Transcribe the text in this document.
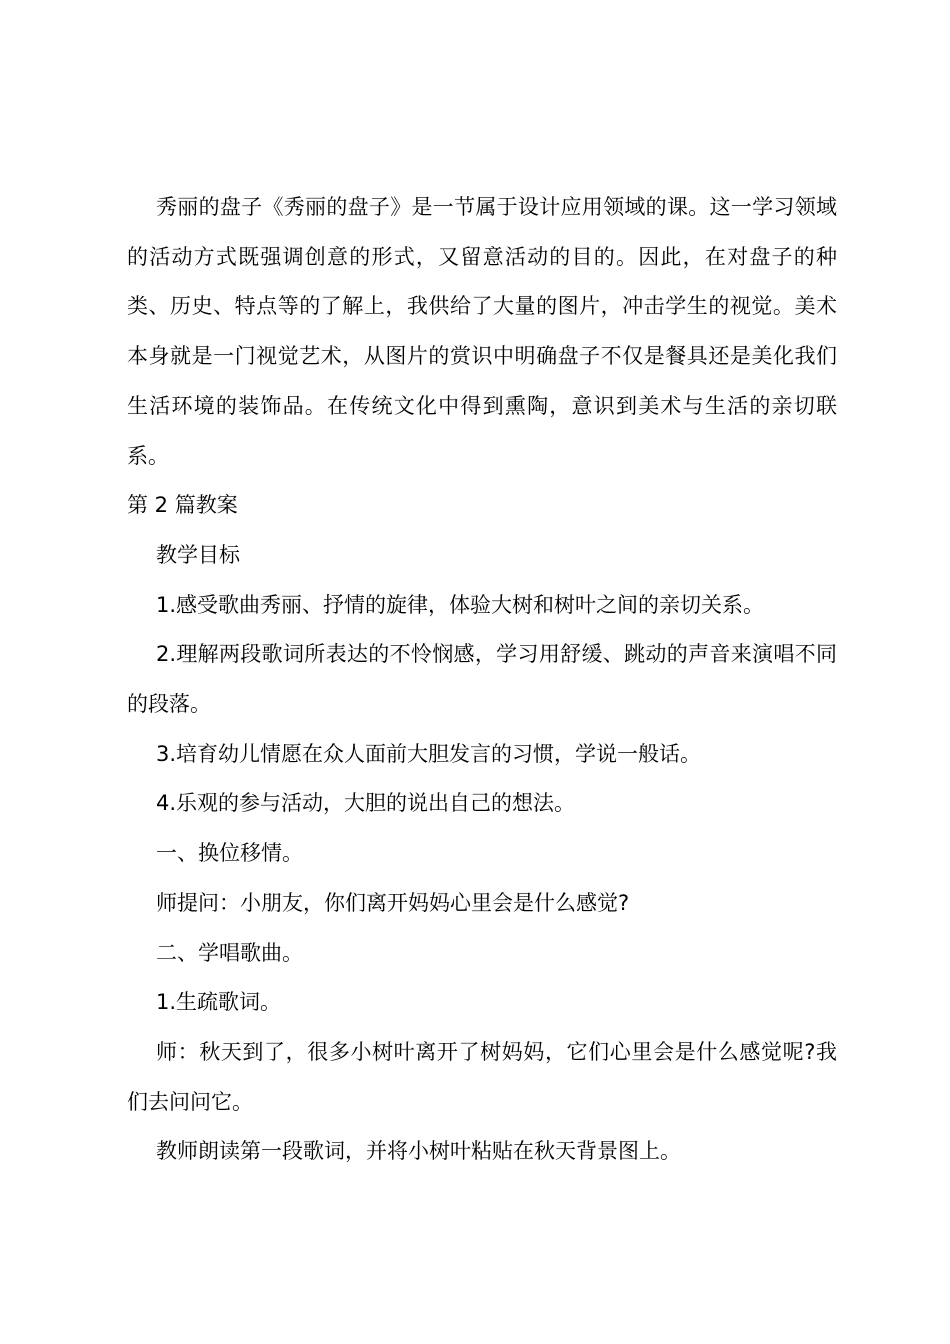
秀丽的盘子《秀丽的盘子》是一节属于设计应用领域的课。这一学习领域的活动方式既强调创意的形式，又留意活动的目的。因此，在对盘子的种类、历史、特点等的了解上，我供给了大量的图片，冲击学生的视觉。美术本身就是一门视觉艺术，从图片的赏识中明确盘子不仅是餐具还是美化我们生活环境的装饰品。在传统文化中得到熏陶，意识到美术与生活的亲切联系。

第 2 篇教案

教学目标

1.感受歌曲秀丽、抒情的旋律，体验大树和树叶之间的亲切关系。

2.理解两段歌词所表达的不怜悯感，学习用舒缓、跳动的声音来演唱不同的段落。

3.培育幼儿情愿在众人面前大胆发言的习惯，学说一般话。

4.乐观的参与活动，大胆的说出自己的想法。

一、换位移情。

师提问：小朋友，你们离开妈妈心里会是什么感觉?

二、学唱歌曲。

1.生疏歌词。

师：秋天到了，很多小树叶离开了树妈妈，它们心里会是什么感觉呢?我们去问问它。

教师朗读第一段歌词，并将小树叶粘贴在秋天背景图上。
